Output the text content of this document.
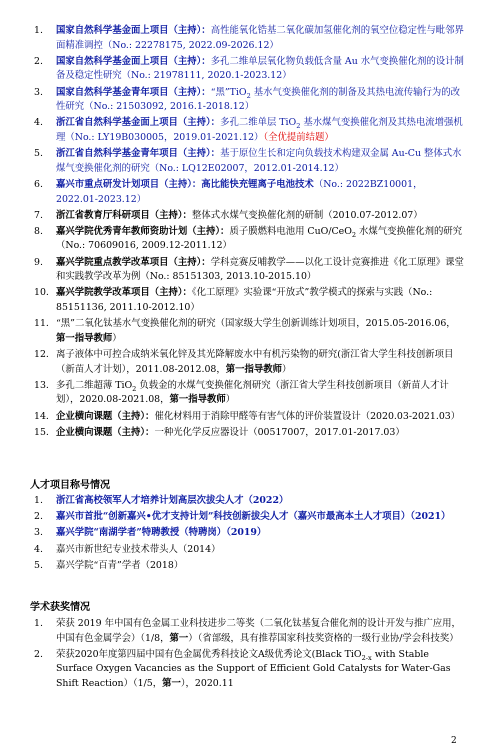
1. 国家自然科学基金面上项目（主持）：高性能氧化锆基二氧化碳加氢催化剂的氧空位稳定性与毗邻界面精准调控（No.: 22278175, 2022.09-2026.12）
2. 国家自然科学基金面上项目（主持）：多孔二维单层氧化物负载低含量 Au 水气变换催化剂的设计制备及稳定性研究（No.: 21978111, 2020.1-2023.12）
3. 国家自然科学基金青年项目（主持）：“黑”TiO$_2$ 基水气变换催化剂的制备及其热电流传输行为的改性研究（No.: 21503092, 2016.1-2018.12）
4. 浙江省自然科学基金面上项目（主持）：多孔二维单层 TiO$_2$ 基水煤气变换催化剂及其热电流增强机理（No.: LY19B030005，2019.01-2021.12）（全优提前结题）
5. 浙江省自然科学基金青年项目（主持）：基于原位生长和定向负载技术构建双金属 Au-Cu 整体式水煤气变换催化剂的研究（No.: LQ12E02007，2012.01-2014.12）
6. 嘉兴市重点研发计划项目（主持）：高比能快充锂离子电池技术（No.: 2022BZ10001，2022.01-2023.12）
7. 浙江省教育厅科研项目（主持）：整体式水煤气变换催化剂的研制（2010.07-2012.07）
8. 嘉兴学院优秀青年教师资助计划（主持）：质子膜燃料电池用 CuO/CeO$_2$ 水煤气变换催化剂的研究　（No.: 70609016, 2009.12-2011.12）
9. 嘉兴学院重点教学改革项目（主持）：学科竞赛反哺教学——以化工设计竞赛推进《化工原理》课堂和实践教学改革为例（No.: 85151303, 2013.10-2015.10）
10. 嘉兴学院教学改革项目（主持）：《化工原理》实验课“开放式”教学模式的探索与实践（No.: 85151136, 2011.10-2012.10）
11. “黑”二氧化钛基水气变换催化剂的研究（国家级大学生创新训练计划项目，2015.05-2016.06，第一指导教师）
12. 离子液体中可控合成纳米氧化锌及其光降解废水中有机污染物的研究(浙江省大学生科技创新项目（新苗人才计划），2011.08-2012.08，第一指导教师）
13. 多孔二维超薄 TiO$_2$ 负载金的水煤气变换催化剂研究（浙江省大学生科技创新项目（新苗人才计划），2020.08-2021.08，第一指导教师）
14. 企业横向课题（主持）：催化材料用于消除甲醛等有害气体的评价装置设计（2020.03-2021.03）
15. 企业横向课题（主持）：一种光化学反应器设计（00517007，2017.01-2017.03）
人才项目称号情况
1. 浙江省高校领军人才培养计划高层次拔尖人才（2022）
2. 嘉兴市首批“创新嘉兴•优才支持计划”科技创新拔尖人才（嘉兴市最高本土人才项目）（2021）
3. 嘉兴学院“南湖学者”特聘教授（特聘岗）（2019）
4. 嘉兴市新世纪专业技术带头人（2014）
5. 嘉兴学院“百青”学者（2018）
学术获奖情况
1. 荣获 2019 年中国有色金属工业科技进步二等奖（二氧化钛基复合催化剂的设计开发与推广应用，中国有色金属学会）（1/8，第一）（省部级，具有推荐国家科技奖资格的一级行业协/学会科技奖）
2. 荣获2020年度第四届中国有色金属优秀科技论文A级优秀论文(Black TiO$_{2-x}$ with Stable Surface Oxygen Vacancies as the Support of Efficient Gold Catalysts for Water-Gas Shift Reaction）（1/5，第一），2020.11
2
